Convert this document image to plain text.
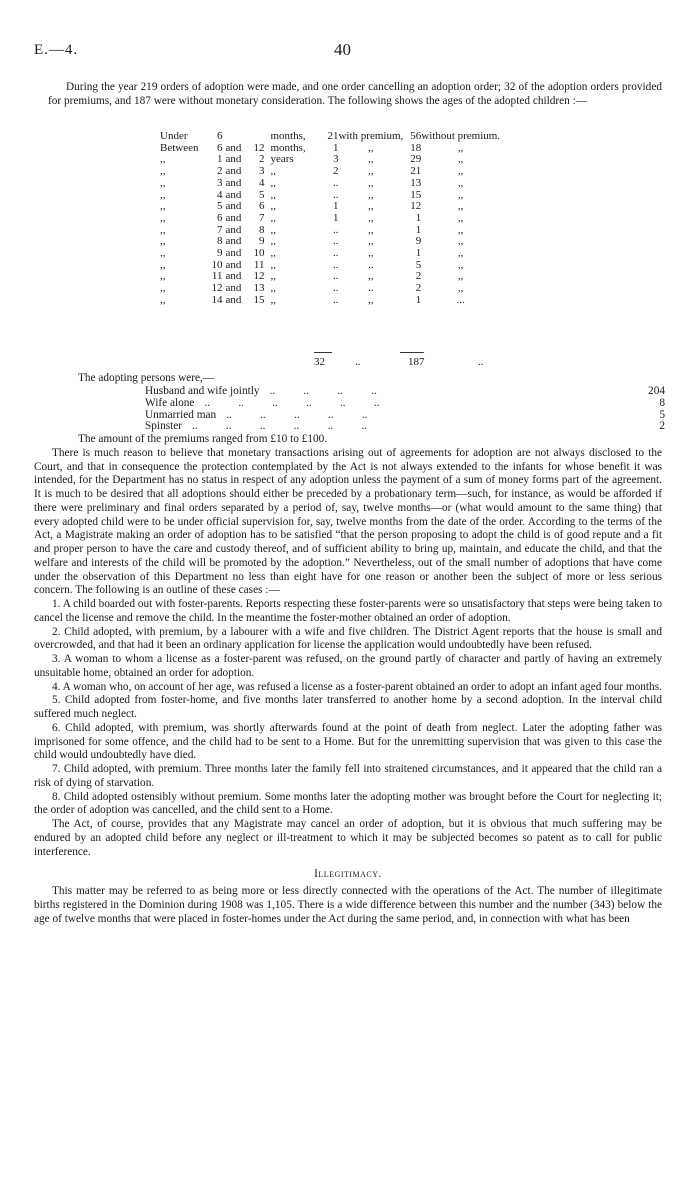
E.—4.	40

During the year 219 orders of adoption were made, and one order cancelling an adoption order; 32 of the adoption orders provided for premiums, and 187 were without monetary consideration. The following shows the ages of the adopted children :—

Under	6			months,	21	with premium,	56	without premium.
Between	6	and	12	months,	1	,,	18	,,
,,	1	and	2	years	3	,,	29	,,
,,	2	and	3	,,	2	,,	21	,,
,,	3	and	4	,,	..	,,	13	,,
,,	4	and	5	,,	..	,,	15	,,
,,	5	and	6	,,	1	,,	12	,,
,,	6	and	7	,,	1	,,	1	,,
,,	7	and	8	,,	..	,,	1	,,
,,	8	and	9	,,	..	,,	9	,,
,,	9	and	10	,,	..	,,	1	,,
,,	10	and	11	,,	..	..	5	,,
,,	11	and	12	,,	..	,,	2	,,
,,	12	and	13	,,	..	..	2	,,
,,	14	and	15	,,	..	,,	1	...
32	..	187	..
The adopting persons were,—
Husband and wife jointly ..          ..          ..          ..	204
Wife alone ..          ..          ..          ..          ..          ..	8
Unmarried man ..          ..          ..          ..          ..	5
Spinster ..          ..          ..          ..          ..          ..	2

The amount of the premiums ranged from £10 to £100.

There is much reason to believe that monetary transactions arising out of agreements for adoption are not always disclosed to the Court, and that in consequence the protection contemplated by the Act is not always extended to the infants for whose benefit it was intended, for the Department has no status in respect of any adoption unless the payment of a sum of money forms part of the agreement. It is much to be desired that all adoptions should either be preceded by a probationary term—such, for instance, as would be afforded if there were preliminary and final orders separated by a period of, say, twelve months—or (what would amount to the same thing) that every adopted child were to be under official supervision for, say, twelve months from the date of the order. According to the terms of the Act, a Magistrate making an order of adoption has to be satisfied “that the person proposing to adopt the child is of good repute and a fit and proper person to have the care and custody thereof, and of sufficient ability to bring up, maintain, and educate the child, and that the welfare and interests of the child will be promoted by the adoption.” Nevertheless, out of the small number of adoptions that have come under the observation of this Department no less than eight have for one reason or another been the subject of more or less serious concern. The following is an outline of these cases :—

1. A child boarded out with foster-parents. Reports respecting these foster-parents were so unsatisfactory that steps were being taken to cancel the license and remove the child. In the meantime the foster-mother obtained an order of adoption.

2. Child adopted, with premium, by a labourer with a wife and five children. The District Agent reports that the house is small and overcrowded, and that had it been an ordinary application for license the application would undoubtedly have been refused.

3. A woman to whom a license as a foster-parent was refused, on the ground partly of character and partly of having an extremely unsuitable home, obtained an order for adoption.

4. A woman who, on account of her age, was refused a license as a foster-parent obtained an order to adopt an infant aged four months.

5. Child adopted from foster-home, and five months later transferred to another home by a second adoption. In the interval child suffered much neglect.

6. Child adopted, with premium, was shortly afterwards found at the point of death from neglect. Later the adopting father was imprisoned for some offence, and the child had to be sent to a Home. But for the unremitting supervision that was given to this case the child would undoubtedly have died.

7. Child adopted, with premium. Three months later the family fell into straitened circumstances, and it appeared that the child ran a risk of dying of starvation.

8. Child adopted ostensibly without premium. Some months later the adopting mother was brought before the Court for neglecting it; the order of adoption was cancelled, and the child sent to a Home.

The Act, of course, provides that any Magistrate may cancel an order of adoption, but it is obvious that much suffering may be endured by an adopted child before any neglect or ill-treatment to which it may be subjected becomes so patent as to call for public interference.

Illegitimacy.

This matter may be referred to as being more or less directly connected with the operations of the Act. The number of illegitimate births registered in the Dominion during 1908 was 1,105. There is a wide difference between this number and the number (343) below the age of twelve months that were placed in foster-homes under the Act during the same period, and, in connection with what has been
